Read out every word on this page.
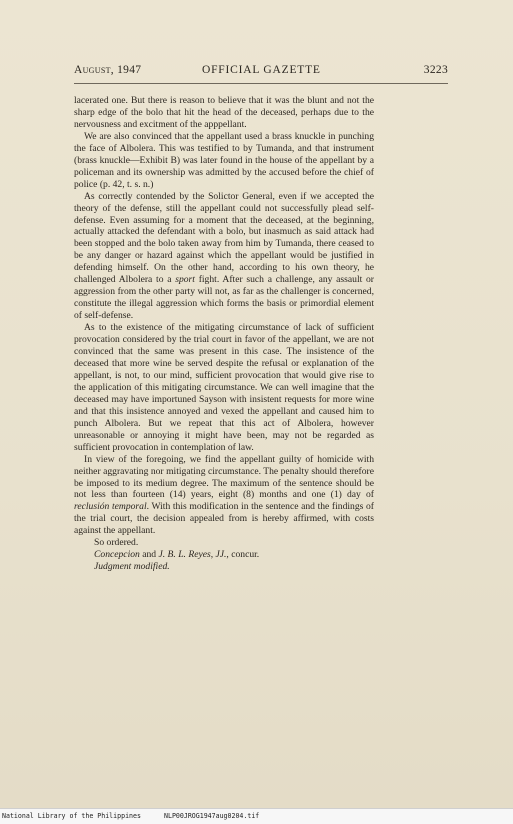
August, 1947	OFFICIAL GAZETTE	3223

lacerated one. But there is reason to believe that it was the blunt and not the sharp edge of the bolo that hit the head of the deceased, perhaps due to the nervousness and excitment of the apppellant.

We are also convinced that the appellant used a brass knuckle in punching the face of Albolera. This was testified to by Tumanda, and that instrument (brass knuckle—Exhibit B) was later found in the house of the appellant by a policeman and its ownership was admitted by the accused before the chief of police (p. 42, t. s. n.)

As correctly contended by the Solictor General, even if we accepted the theory of the defense, still the appellant could not successfully plead self-defense. Even assuming for a moment that the deceased, at the beginning, actually attacked the defendant with a bolo, but inasmuch as said attack had been stopped and the bolo taken away from him by Tumanda, there ceased to be any danger or hazard against which the appellant would be justified in defending himself. On the other hand, according to his own theory, he challenged Albolera to a sport fight. After such a challenge, any assault or aggression from the other party will not, as far as the challenger is concerned, constitute the illegal aggression which forms the basis or primordial element of self-defense.

As to the existence of the mitigating circumstance of lack of sufficient provocation considered by the trial court in favor of the appellant, we are not convinced that the same was present in this case. The insistence of the deceased that more wine be served despite the refusal or explanation of the appellant, is not, to our mind, sufficient provocation that would give rise to the application of this mitigating circumstance. We can well imagine that the deceased may have importuned Sayson with insistent requests for more wine and that this insistence annoyed and vexed the appellant and caused him to punch Albolera. But we repeat that this act of Albolera, however unreasonable or annoying it might have been, may not be regarded as sufficient provocation in contemplation of law.

In view of the foregoing, we find the appellant guilty of homicide with neither aggravating nor mitigating circumstance. The penalty should therefore be imposed to its medium degree. The maximum of the sentence should be not less than fourteen (14) years, eight (8) months and one (1) day of reclusión temporal. With this modification in the sentence and the findings of the trial court, the decision appealed from is hereby affirmed, with costs against the appellant.

So ordered.

Concepcion and J. B. L. Reyes, JJ., concur.

Judgment modified.

National Library of the Philippines	NLP00JROG1947aug0204.tif
